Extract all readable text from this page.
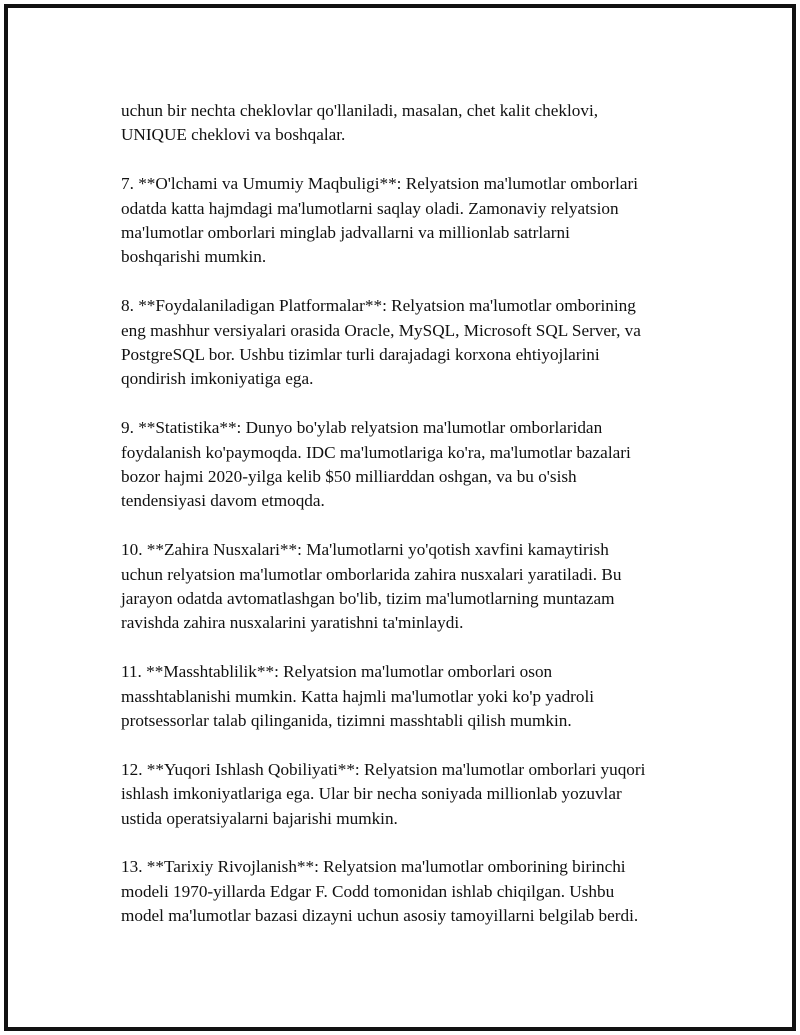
uchun bir nechta cheklovlar qo'llaniladi, masalan, chet kalit cheklovi,
UNIQUE cheklovi va boshqalar.

7. **O'lchami va Umumiy Maqbuligi**: Relyatsion ma'lumotlar omborlari
odatda katta hajmdagi ma'lumotlarni saqlay oladi. Zamonaviy relyatsion
ma'lumotlar omborlari minglab jadvallarni va millionlab satrlarni
boshqarishi mumkin.

8. **Foydalaniladigan Platformalar**: Relyatsion ma'lumotlar omborining
eng mashhur versiyalari orasida Oracle, MySQL, Microsoft SQL Server, va
PostgreSQL bor. Ushbu tizimlar turli darajadagi korxona ehtiyojlarini
qondirish imkoniyatiga ega.

9. **Statistika**: Dunyo bo'ylab relyatsion ma'lumotlar omborlaridan
foydalanish ko'paymoqda. IDC ma'lumotlariga ko'ra, ma'lumotlar bazalari
bozor hajmi 2020-yilga kelib $50 milliarddan oshgan, va bu o'sish
tendensiyasi davom etmoqda.

10. **Zahira Nusxalari**: Ma'lumotlarni yo'qotish xavfini kamaytirish
uchun relyatsion ma'lumotlar omborlarida zahira nusxalari yaratiladi. Bu
jarayon odatda avtomatlashgan bo'lib, tizim ma'lumotlarning muntazam
ravishda zahira nusxalarini yaratishni ta'minlaydi.

11. **Masshtablilik**: Relyatsion ma'lumotlar omborlari oson
masshtablanishi mumkin. Katta hajmli ma'lumotlar yoki ko'p yadroli
protsessorlar talab qilinganida, tizimni masshtabli qilish mumkin.

12. **Yuqori Ishlash Qobiliyati**: Relyatsion ma'lumotlar omborlari yuqori
ishlash imkoniyatlariga ega. Ular bir necha soniyada millionlab yozuvlar
ustida operatsiyalarni bajarishi mumkin.

13. **Tarixiy Rivojlanish**: Relyatsion ma'lumotlar omborining birinchi
modeli 1970-yillarda Edgar F. Codd tomonidan ishlab chiqilgan. Ushbu
model ma'lumotlar bazasi dizayni uchun asosiy tamoyillarni belgilab berdi.
